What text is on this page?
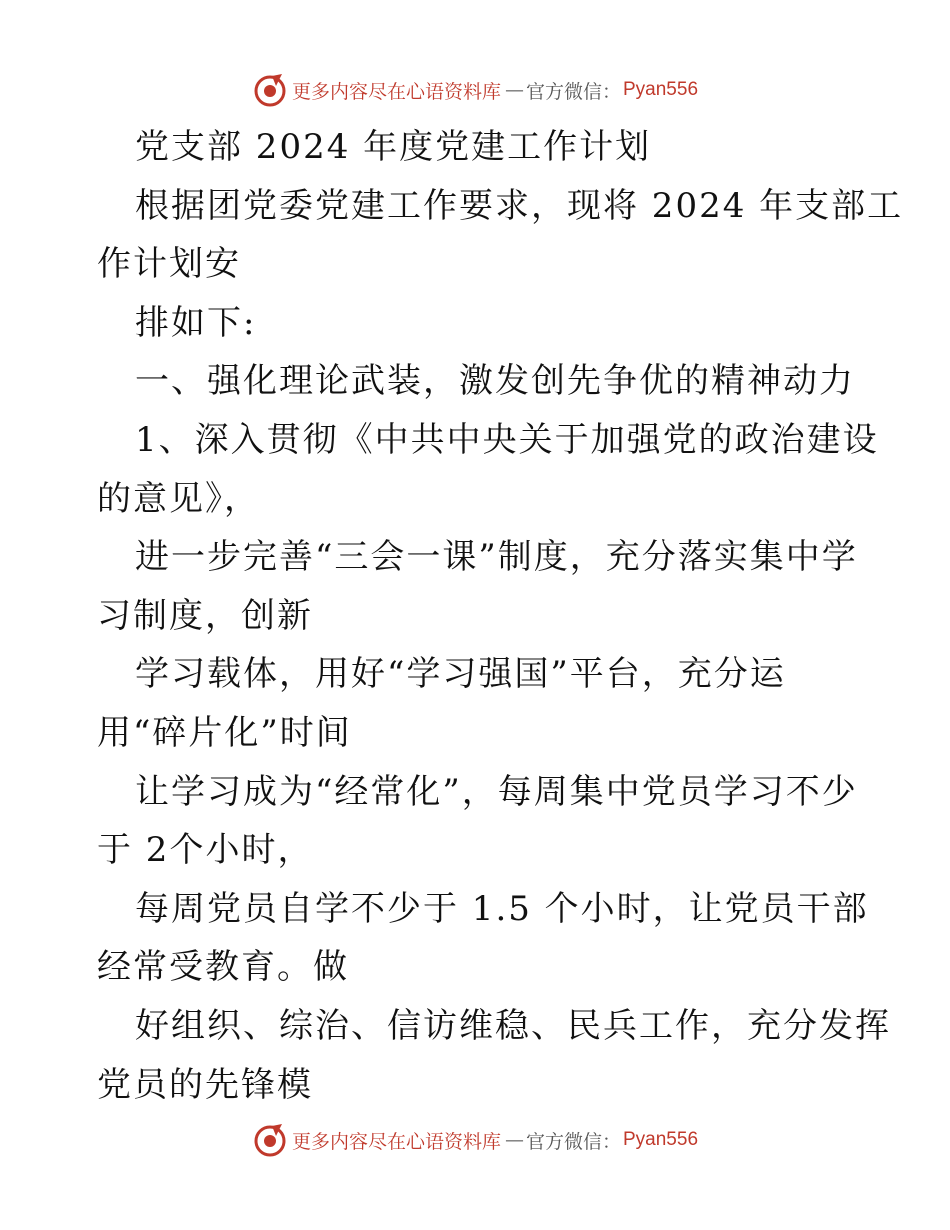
更多内容尽在心语资料库 — 官方微信： Pyan556
党支部 2024 年度党建工作计划
根据团党委党建工作要求，现将 2024 年支部工
作计划安
排如下:
一、强化理论武装，激发创先争优的精神动力
1、深入贯彻《中共中央关于加强党的政治建设
的意见》，
进一步完善“三会一课”制度，充分落实集中学
习制度，创新
学习载体，用好“学习强国”平台，充分运
用“碎片化”时间
让学习成为“经常化”，每周集中党员学习不少
于 2个小时，
每周党员自学不少于 1.5 个小时，让党员干部
经常受教育。做
好组织、综治、信访维稳、民兵工作，充分发挥
党员的先锋模
更多内容尽在心语资料库 — 官方微信： Pyan556
